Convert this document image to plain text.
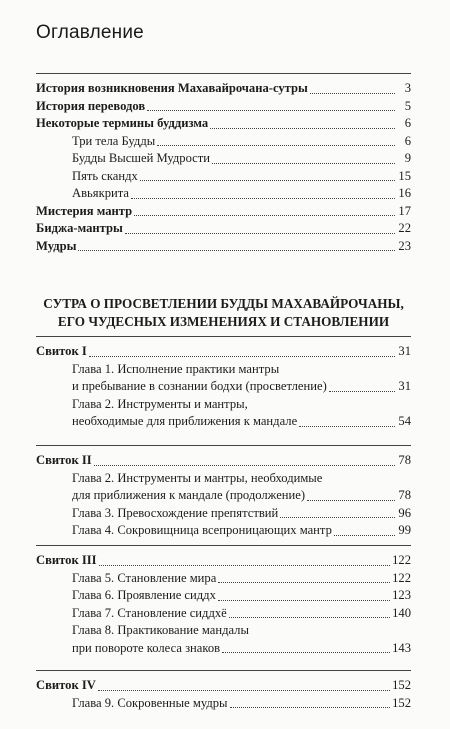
Оглавление
История возникновения Махавайрочана-сутры	3
История переводов	5
Некоторые термины буддизма	6
Три тела Будды	6
Будды Высшей Мудрости	9
Пять скандх	15
Авьякрита	16
Мистерия мантр	17
Биджа-мантры	22
Мудры	23
СУТРА О ПРОСВЕТЛЕНИИ БУДДЫ МАХАВАЙРОЧАНЫ,
ЕГО ЧУДЕСНЫХ ИЗМЕНЕНИЯХ И СТАНОВЛЕНИИ
Свиток I	31
Глава 1. Исполнение практики мантры
и пребывание в сознании бодхи (просветление)	31
Глава 2. Инструменты и мантры,
необходимые для приближения к мандале	54
Свиток II	78
Глава 2. Инструменты и мантры, необходимые
для приближения к мандале (продолжение)	78
Глава 3. Превосхождение препятствий	96
Глава 4. Сокровищница всепроницающих мантр	99
Свиток III	122
Глава 5. Становление мира	122
Глава 6. Проявление сиддх	123
Глава 7. Становление сиддхё	140
Глава 8. Практикование мандалы
при повороте колеса знаков	143
Свиток IV	152
Глава 9. Сокровенные мудры	152
